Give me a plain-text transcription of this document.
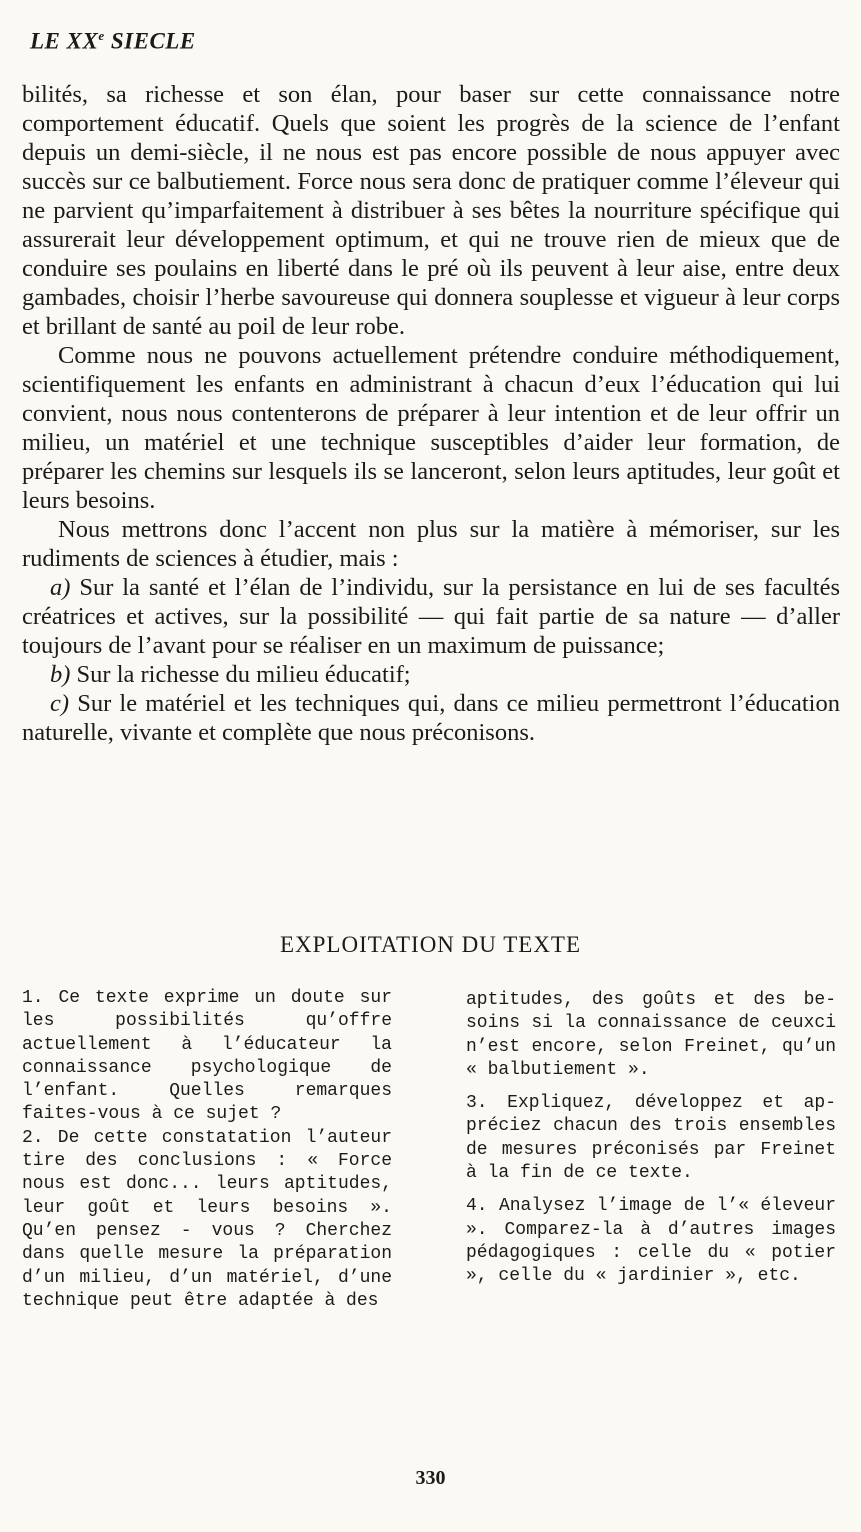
LE XXe SIECLE

bilités, sa richesse et son élan, pour baser sur cette connaissance notre comportement éducatif. Quels que soient les progrès de la science de l’enfant depuis un demi-siècle, il ne nous est pas encore possible de nous appuyer avec succès sur ce balbutiement. Force nous sera donc de pratiquer comme l’éleveur qui ne parvient qu’imparfaitement à distribuer à ses bêtes la nourriture spécifique qui assurerait leur développement optimum, et qui ne trouve rien de mieux que de conduire ses poulains en liberté dans le pré où ils peuvent à leur aise, entre deux gambades, choisir l’herbe savoureuse qui donnera souplesse et vigueur à leur corps et brillant de santé au poil de leur robe.

Comme nous ne pouvons actuellement prétendre conduire méthodiquement, scientifiquement les enfants en administrant à chacun d’eux l’éducation qui lui convient, nous nous contenterons de préparer à leur intention et de leur offrir un milieu, un matériel et une technique susceptibles d’aider leur formation, de préparer les chemins sur lesquels ils se lanceront, selon leurs aptitudes, leur goût et leurs besoins.

Nous mettrons donc l’accent non plus sur la matière à mémoriser, sur les rudiments de sciences à étudier, mais :

a) Sur la santé et l’élan de l’individu, sur la persistance en lui de ses facultés créatrices et actives, sur la possibilité — qui fait partie de sa nature — d’aller toujours de l’avant pour se réaliser en un maximum de puissance;

b) Sur la richesse du milieu éducatif;

c) Sur le matériel et les techniques qui, dans ce milieu permettront l’éducation naturelle, vivante et complète que nous préconisons.

EXPLOITATION DU TEXTE

1. Ce texte exprime un doute sur les possibilités qu’offre actuellement à l’éducateur la connaissance psychologique de l’enfant. Quelles remarques faites-vous à ce sujet ?

2. De cette constatation l’auteur tire des conclusions : « Force nous est donc... leurs aptitudes, leur goût et leurs besoins ». Qu’en pensez - vous ? Cherchez dans quelle mesure la préparation d’un milieu, d’un matériel, d’une technique peut être adaptée à des

aptitudes, des goûts et des besoins si la connaissance de ceuxci n’est encore, selon Freinet, qu’un « balbutiement ».

3. Expliquez, développez et appréciez chacun des trois ensembles de mesures préconisés par Freinet à la fin de ce texte.

4. Analysez l’image de l’« éleveur ». Comparez-la à d’autres images pédagogiques : celle du « potier », celle du « jardinier », etc.

330
